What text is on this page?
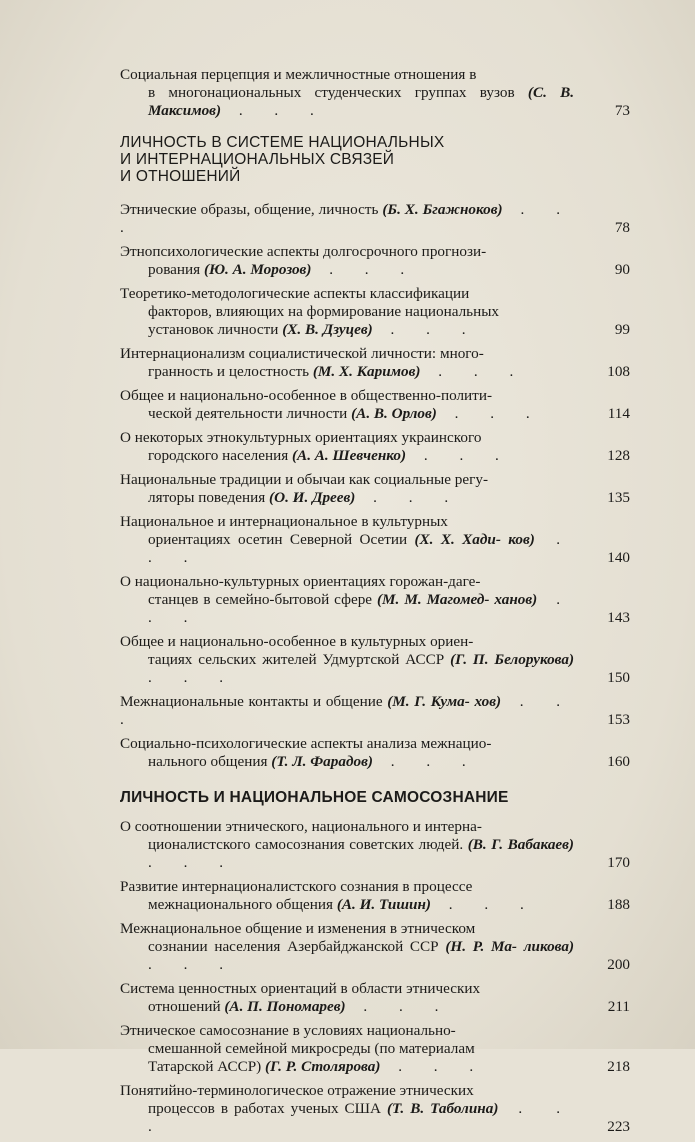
Социальная перцепция и межличностные отношения в
в многонациональных студенческих группах вузов (С. В. Максимов) . . .	73
ЛИЧНОСТЬ В СИСТЕМЕ НАЦИОНАЛЬНЫХ
И ИНТЕРНАЦИОНАЛЬНЫХ СВЯЗЕЙ
И ОТНОШЕНИЙ
Этнические образы, общение, личность (Б. Х. Бгажноков) . . .	78
Этнопсихологические аспекты долгосрочного прогнози-
рования (Ю. А. Морозов) . . .	90
Теоретико-методологические аспекты классификации
факторов, влияющих на формирование национальных
установок личности (Х. В. Дзуцев) . . .	99
Интернационализм социалистической личности: много-
гранность и целостность (М. Х. Каримов) . . .	108
Общее и национально-особенное в общественно-полити-
ческой деятельности личности (А. В. Орлов) . . .	114
О некоторых этнокультурных ориентациях украинского
городского населения (А. А. Шевченко) . . .	128
Национальные традиции и обычаи как социальные регу-
ляторы поведения (О. И. Дреев) . . .	135
Национальное и интернациональное в культурных
ориентациях осетин Северной Осетии (Х. Х. Хади- ков) . . .	140
О национально-культурных ориентациях горожан-даге-
станцев в семейно-бытовой сфере (М. М. Магомед- ханов) . . .	143
Общее и национально-особенное в культурных ориен-
тациях сельских жителей Удмуртской АССР (Г. П. Белорукова) . . .	150
Межнациональные контакты и общение (М. Г. Кума- хов) . . .	153
Социально-психологические аспекты анализа межнацио-
нального общения (Т. Л. Фарадов) . . .	160
ЛИЧНОСТЬ И НАЦИОНАЛЬНОЕ САМОСОЗНАНИЕ
О соотношении этнического, национального и интерна-
ционалистского самосознания советских людей. (В. Г. Вабакаев) . . .	170
Развитие интернационалистского сознания в процессе
межнационального общения (А. И. Тишин) . . .	188
Межнациональное общение и изменения в этническом
сознании населения Азербайджанской ССР (Н. Р. Ма- ликова) . . .	200
Система ценностных ориентаций в области этнических
отношений (А. П. Пономарев) . . .	211
Этническое самосознание в условиях национально-
смешанной семейной микросреды (по материалам
Татарской АССР) (Г. Р. Столярова) . . .	218
Понятийно-терминологическое отражение этнических
процессов в работах ученых США (Т. В. Таболина) . . .	223
